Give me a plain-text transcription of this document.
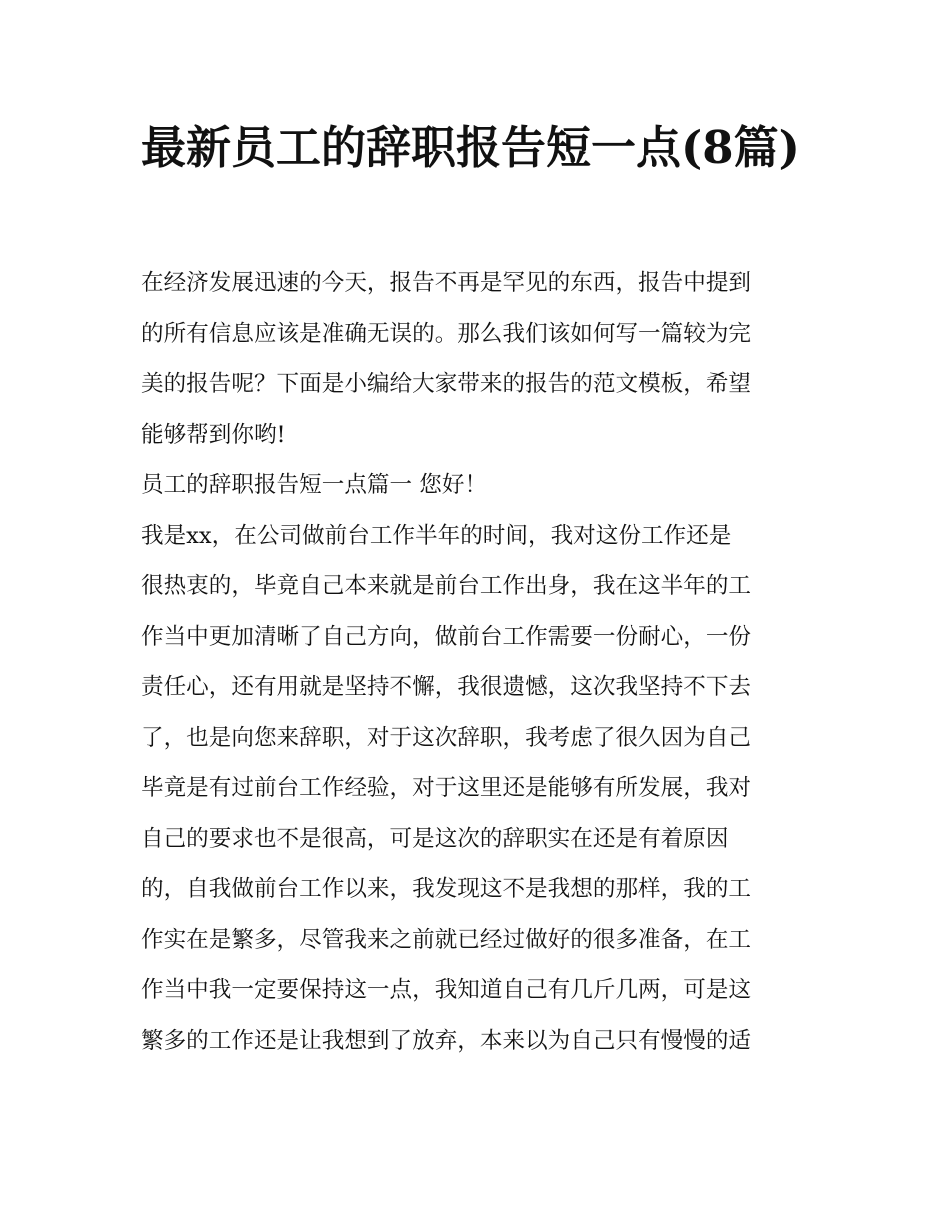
最新员工的辞职报告短一点(8篇)

在经济发展迅速的今天，报告不再是罕见的东西，报告中提到
的所有信息应该是准确无误的。那么我们该如何写一篇较为完
美的报告呢？下面是小编给大家带来的报告的范文模板，希望
能够帮到你哟!

员工的辞职报告短一点篇一 您好！

我是xx，在公司做前台工作半年的时间，我对这份工作还是
很热衷的，毕竟自己本来就是前台工作出身，我在这半年的工
作当中更加清晰了自己方向，做前台工作需要一份耐心，一份
责任心，还有用就是坚持不懈，我很遗憾，这次我坚持不下去
了，也是向您来辞职，对于这次辞职，我考虑了很久因为自己
毕竟是有过前台工作经验，对于这里还是能够有所发展，我对
自己的要求也不是很高，可是这次的辞职实在还是有着原因
的，自我做前台工作以来，我发现这不是我想的那样，我的工
作实在是繁多，尽管我来之前就已经过做好的很多准备，在工
作当中我一定要保持这一点，我知道自己有几斤几两，可是这
繁多的工作还是让我想到了放弃，本来以为自己只有慢慢的适
